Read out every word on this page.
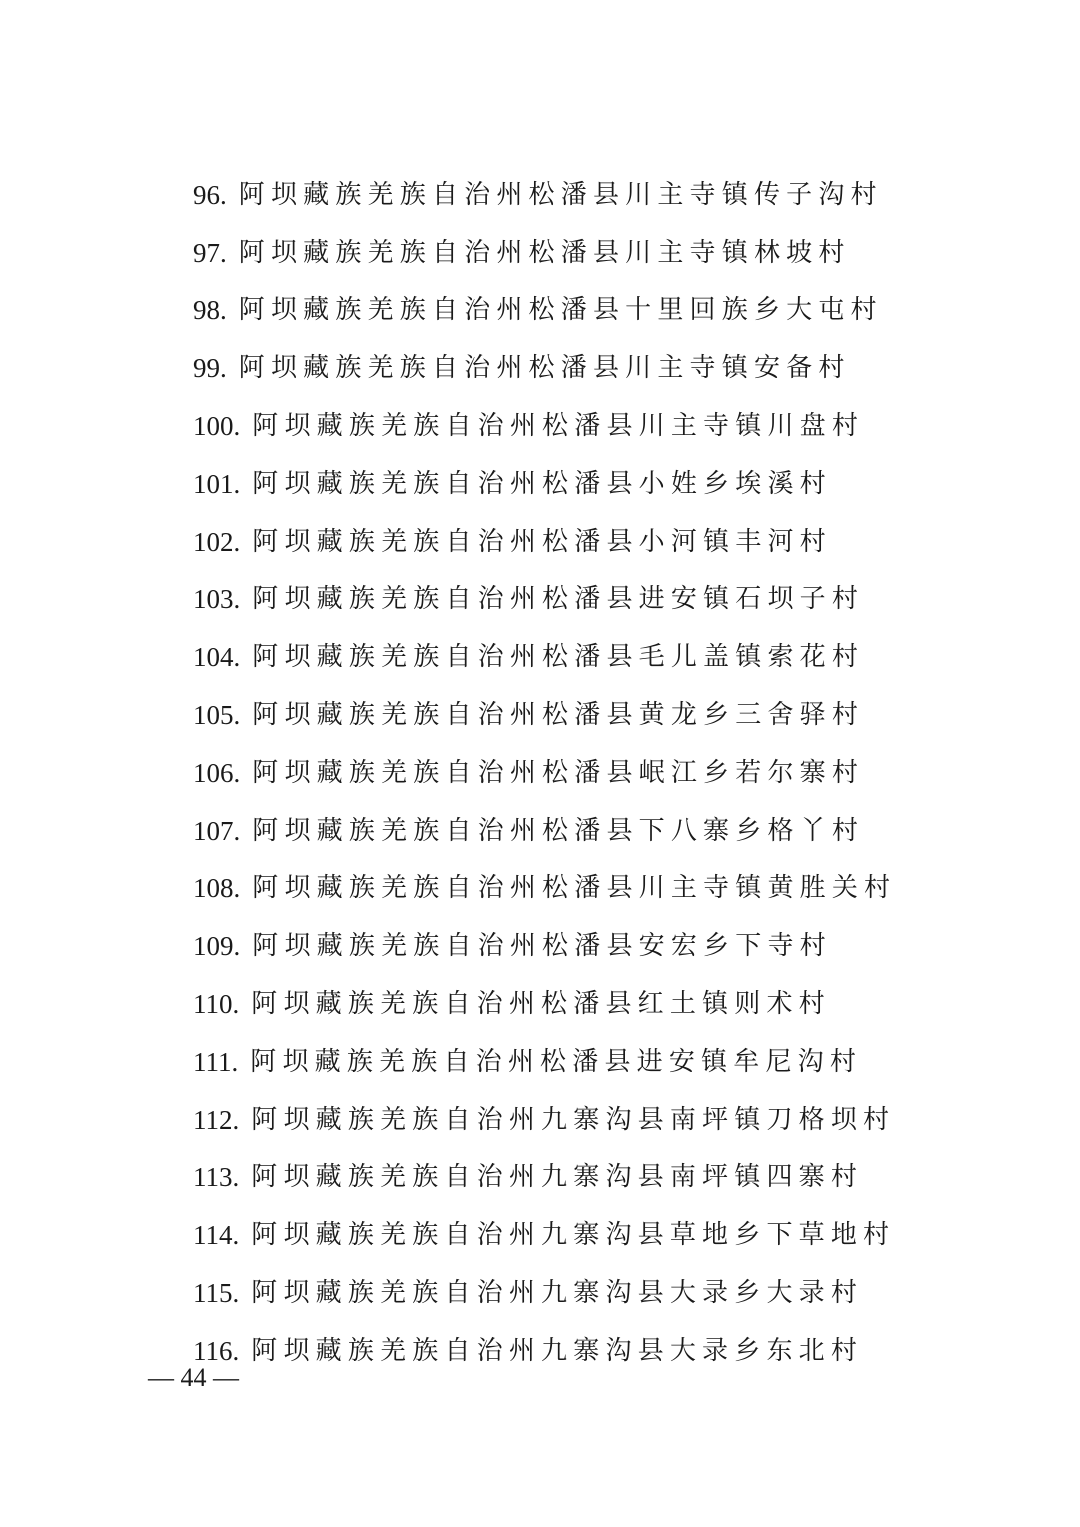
96. 阿坝藏族羌族自治州松潘县川主寺镇传子沟村
97. 阿坝藏族羌族自治州松潘县川主寺镇林坡村
98. 阿坝藏族羌族自治州松潘县十里回族乡大屯村
99. 阿坝藏族羌族自治州松潘县川主寺镇安备村
100. 阿坝藏族羌族自治州松潘县川主寺镇川盘村
101. 阿坝藏族羌族自治州松潘县小姓乡埃溪村
102. 阿坝藏族羌族自治州松潘县小河镇丰河村
103. 阿坝藏族羌族自治州松潘县进安镇石坝子村
104. 阿坝藏族羌族自治州松潘县毛儿盖镇索花村
105. 阿坝藏族羌族自治州松潘县黄龙乡三舍驿村
106. 阿坝藏族羌族自治州松潘县岷江乡若尔寨村
107. 阿坝藏族羌族自治州松潘县下八寨乡格丫村
108. 阿坝藏族羌族自治州松潘县川主寺镇黄胜关村
109. 阿坝藏族羌族自治州松潘县安宏乡下寺村
110. 阿坝藏族羌族自治州松潘县红土镇则术村
111. 阿坝藏族羌族自治州松潘县进安镇牟尼沟村
112. 阿坝藏族羌族自治州九寨沟县南坪镇刀格坝村
113. 阿坝藏族羌族自治州九寨沟县南坪镇四寨村
114. 阿坝藏族羌族自治州九寨沟县草地乡下草地村
115. 阿坝藏族羌族自治州九寨沟县大录乡大录村
116. 阿坝藏族羌族自治州九寨沟县大录乡东北村
— 44 —
